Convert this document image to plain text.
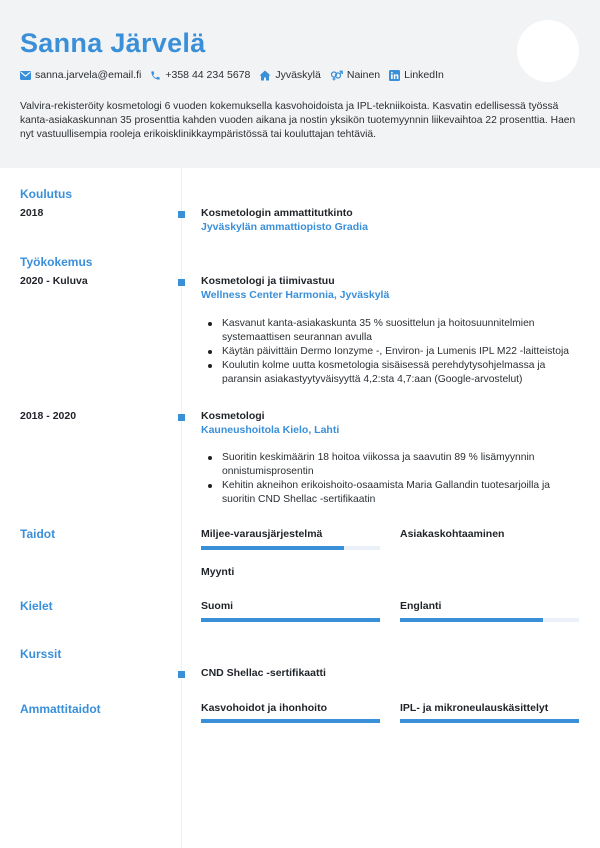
Sanna Järvelä
sanna.jarvela@email.fi +358 44 234 5678 Jyväskylä Nainen LinkedIn

Valvira-rekisteröity kosmetologi 6 vuoden kokemuksella kasvohoidoista ja IPL-tekniikoista. Kasvatin edellisessä työssä kanta-asiakaskunnan 35 prosenttia kahden vuoden aikana ja nostin yksikön tuotemyynnin liikevaihtoa 22 prosenttia. Haen nyt vastuullisempia rooleja erikoisklinikkaympäristössä tai kouluttajan tehtäviä.

Koulutus
2018	Kosmetologin ammattitutkinto
Jyväskylän ammattiopisto Gradia
Työkokemus
2020 - Kuluva	Kosmetologi ja tiimivastuu
Wellness Center Harmonia, Jyväskylä
Kasvanut kanta-asiakaskunta 35 % suosittelun ja hoitosuunnitelmien systemaattisen seurannan avulla
Käytän päivittäin Dermo Ionzyme -, Environ- ja Lumenis IPL M22 -laitteistoja
Koulutin kolme uutta kosmetologia sisäisessä perehdytysohjelmassa ja paransin asiakastyytyväisyyttä 4,2:sta 4,7:aan (Google-arvostelut)
2018 - 2020	Kosmetologi
Kauneushoitola Kielo, Lahti
Suoritin keskimäärin 18 hoitoa viikossa ja saavutin 89 % lisämyynnin onnistumisprosentin
Kehitin akneihon erikoishoito-osaamista Maria Gallandin tuotesarjoilla ja suoritin CND Shellac -sertifikaatin
Taidot	Miljee-varausjärjestelmä	Asiakaskohtaaminen
Myynti
Kielet	Suomi	Englanti
Kurssit
CND Shellac -sertifikaatti
Ammattitaidot	Kasvohoidot ja ihonhoito	IPL- ja mikroneulauskäsittelyt
